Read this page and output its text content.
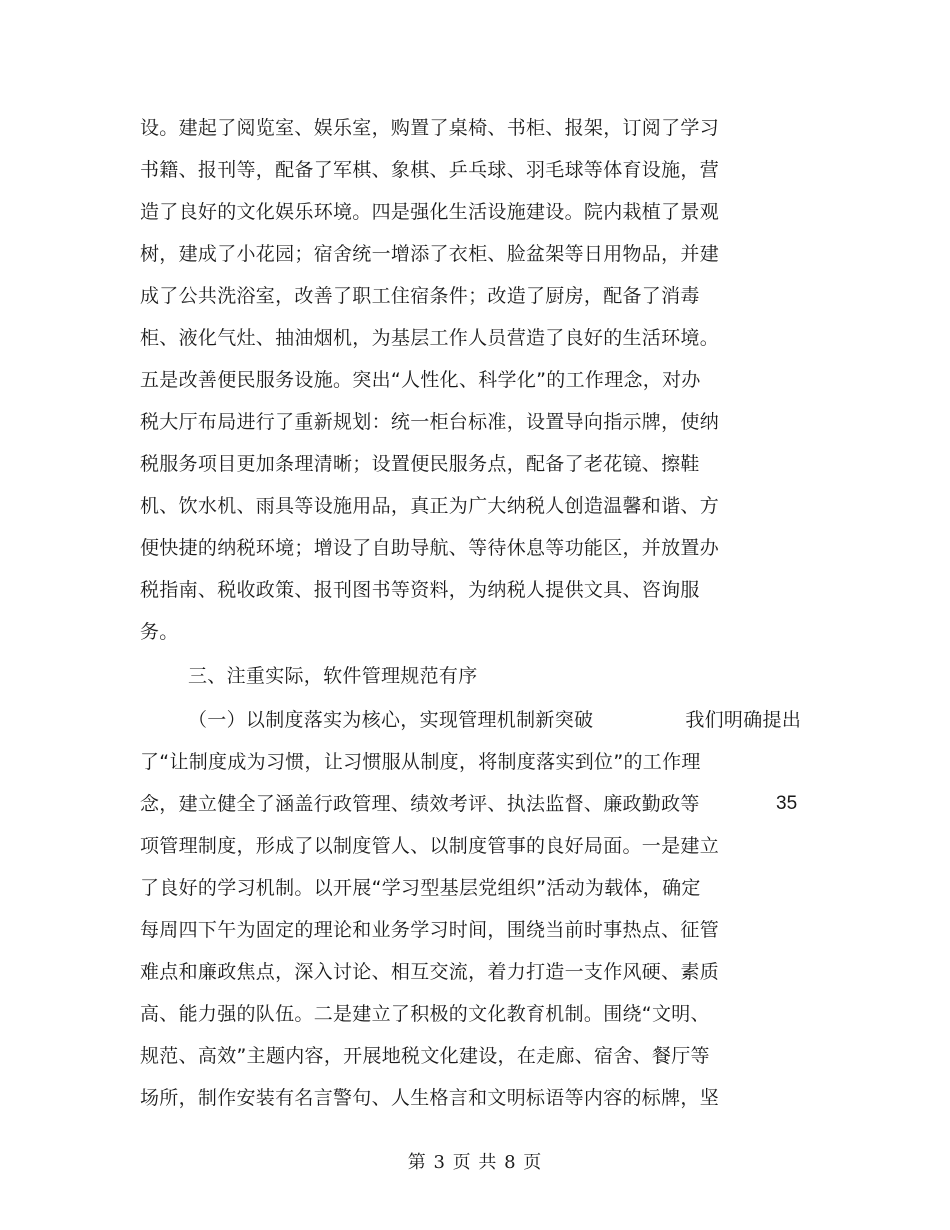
设。建起了阅览室、娱乐室，购置了桌椅、书柜、报架，订阅了学习
书籍、报刊等，配备了军棋、象棋、乒乓球、羽毛球等体育设施，营
造了良好的文化娱乐环境。四是强化生活设施建设。院内栽植了景观
树，建成了小花园；宿舍统一增添了衣柜、脸盆架等日用物品，并建
成了公共洗浴室，改善了职工住宿条件；改造了厨房，配备了消毒
柜、液化气灶、抽油烟机，为基层工作人员营造了良好的生活环境。
五是改善便民服务设施。突出“人性化、科学化”的工作理念，对办
税大厅布局进行了重新规划：统一柜台标准，设置导向指示牌，使纳
税服务项目更加条理清晰；设置便民服务点，配备了老花镜、擦鞋
机、饮水机、雨具等设施用品，真正为广大纳税人创造温馨和谐、方
便快捷的纳税环境；增设了自助导航、等待休息等功能区，并放置办
税指南、税收政策、报刊图书等资料，为纳税人提供文具、咨询服
务。
三、注重实际，软件管理规范有序
（一）以制度落实为核心，实现管理机制新突破	我们明确提出
了“让制度成为习惯，让习惯服从制度，将制度落实到位”的工作理
念，建立健全了涵盖行政管理、绩效考评、执法监督、廉政勤政等	35
项管理制度，形成了以制度管人、以制度管事的良好局面。一是建立
了良好的学习机制。以开展“学习型基层党组织”活动为载体，确定
每周四下午为固定的理论和业务学习时间，围绕当前时事热点、征管
难点和廉政焦点，深入讨论、相互交流，着力打造一支作风硬、素质
高、能力强的队伍。二是建立了积极的文化教育机制。围绕“文明、
规范、高效”主题内容，开展地税文化建设，在走廊、宿舍、餐厅等
场所，制作安装有名言警句、人生格言和文明标语等内容的标牌，坚
第 3 页 共 8 页
